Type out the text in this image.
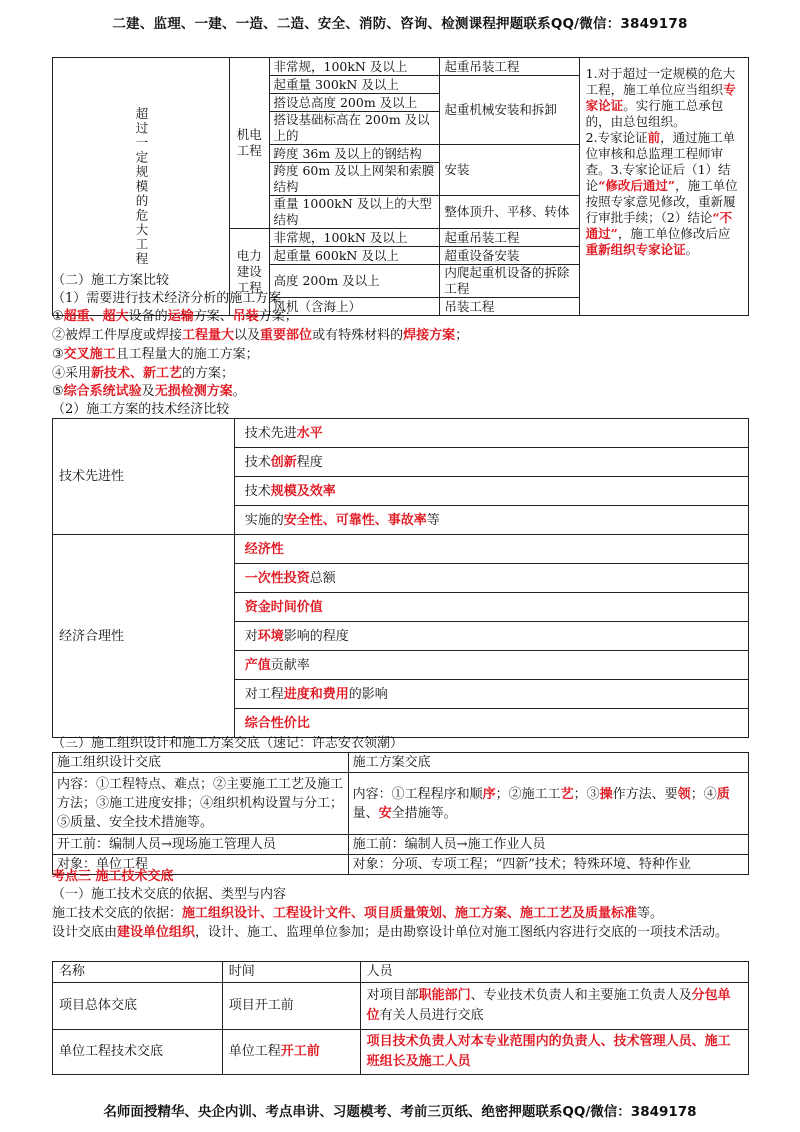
二建、监理、一建、一造、二造、安全、消防、咨询、检测课程押题联系QQ/微信：3849178
超过一定规模的危大工程	机电工程	非常规，100kN 及以上	起重吊装工程	1.对于超过一定规模的危大工程，施工单位应当组织专家论证。实行施工总承包的，由总包组织。
2.专家论证前，通过施工单位审核和总监理工程师审查。3.专家论证后（1）结论“修改后通过”，施工单位按照专家意见修改，重新履行审批手续；（2）结论“不通过”，施工单位修改后应重新组织专家论证。
		起重量 300kN 及以上	起重机械安装和拆卸	
		搭设总高度 200m 及以上		
		搭设基础标高在 200m 及以上的		
		跨度 36m 及以上的钢结构	安装	
		跨度 60m 及以上网架和索膜结构		
		重量 1000kN 及以上的大型结构	整体顶升、平移、转体	
	电力建设工程	非常规，100kN 及以上	起重吊装工程	
		起重量 600kN 及以上	超重设备安装	
		高度 200m 及以上	内爬起重机设备的拆除工程	
		风机（含海上）	吊装工程	
（二）施工方案比较
（1）需要进行技术经济分析的施工方案
①超重、超大设备的运输方案、吊装方案；
②被焊工件厚度或焊接工程量大以及重要部位或有特殊材料的焊接方案；
③交叉施工且工程量大的施工方案；
④采用新技术、新工艺的方案；
⑤综合系统试验及无损检测方案。
（2）施工方案的技术经济比较
技术先进性	技术先进水平
	技术创新程度
	技术规模及效率
	实施的安全性、可靠性、事故率等
经济合理性	经济性
	一次性投资总额
	资金时间价值
	对环境影响的程度
	产值贡献率
	对工程进度和费用的影响
	综合性价比
（三）施工组织设计和施工方案交底（速记：许志安衣领潮）
施工组织设计交底	施工方案交底
内容：①工程特点、难点；②主要施工工艺及施工方法；③施工进度安排；④组织机构设置与分工；⑤质量、安全技术措施等。	内容：①工程程序和顺序；②施工工艺；③操作方法、要领；④质量、安全措施等。
开工前：编制人员→现场施工管理人员	施工前：编制人员→施工作业人员
对象：单位工程	对象：分项、专项工程；“四新”技术；特殊环境、特种作业
考点三 施工技术交底
（一）施工技术交底的依据、类型与内容
施工技术交底的依据：施工组织设计、工程设计文件、项目质量策划、施工方案、施工工艺及质量标准等。
设计交底由建设单位组织，设计、施工、监理单位参加；是由勘察设计单位对施工图纸内容进行交底的一项技术活动。
名称	时间	人员
项目总体交底	项目开工前	对项目部职能部门、专业技术负责人和主要施工负责人及分包单位有关人员进行交底
单位工程技术交底	单位工程开工前	项目技术负责人对本专业范围内的负责人、技术管理人员、施工班组长及施工人员
名师面授精华、央企内训、考点串讲、习题模考、考前三页纸、绝密押题联系QQ/微信：3849178
